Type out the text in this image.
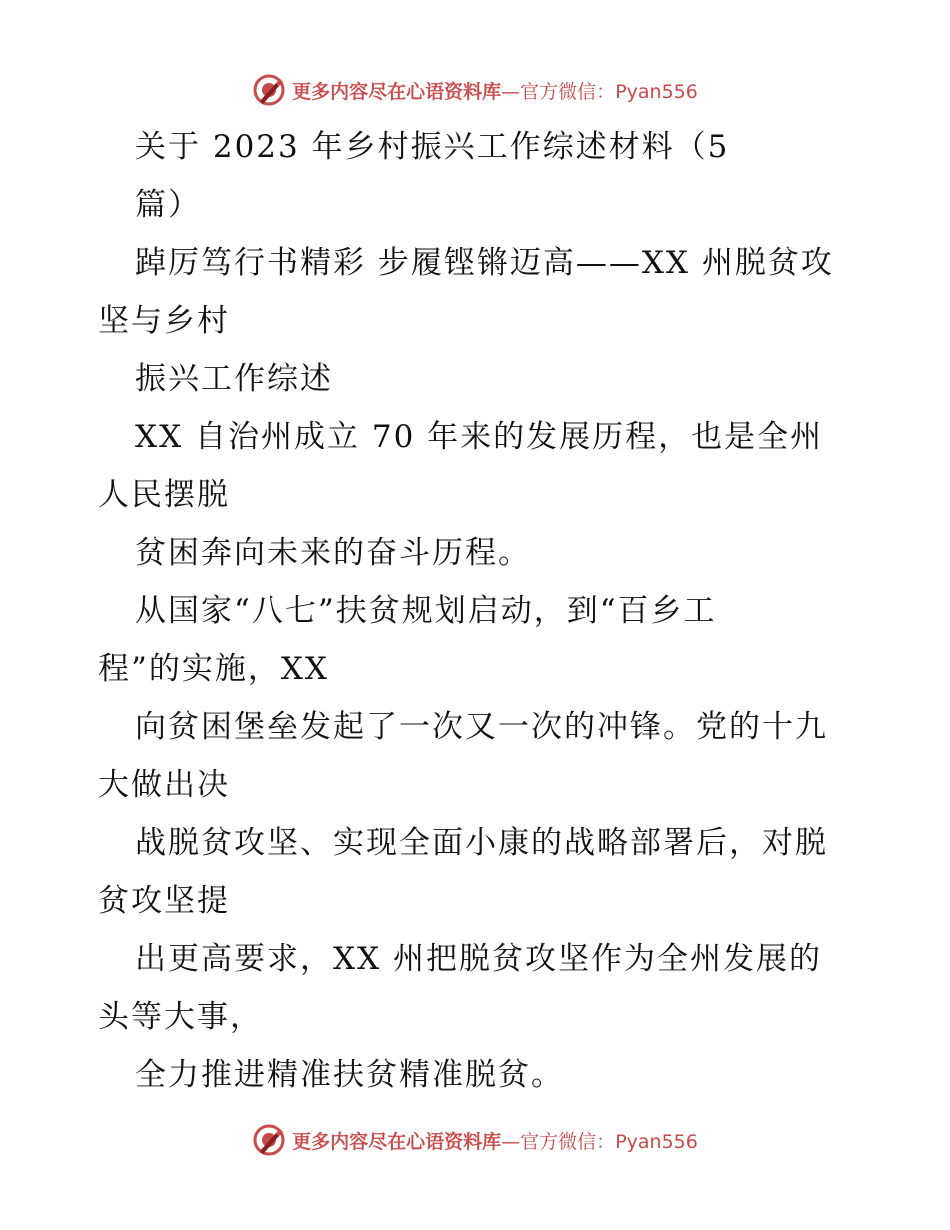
更多内容尽在心语资料库—官方微信：Pyan556
关于 2023 年乡村振兴工作综述材料（5
篇）
踔厉笃行书精彩 步履铿锵迈高——XX 州脱贫攻
坚与乡村
振兴工作综述
XX 自治州成立 70 年来的发展历程，也是全州
人民摆脱
贫困奔向未来的奋斗历程。
从国家“八七”扶贫规划启动，到“百乡工
程”的实施，XX
向贫困堡垒发起了一次又一次的冲锋。党的十九
大做出决
战脱贫攻坚、实现全面小康的战略部署后，对脱
贫攻坚提
出更高要求，XX 州把脱贫攻坚作为全州发展的
头等大事，
全力推进精准扶贫精准脱贫。
更多内容尽在心语资料库—官方微信：Pyan556
